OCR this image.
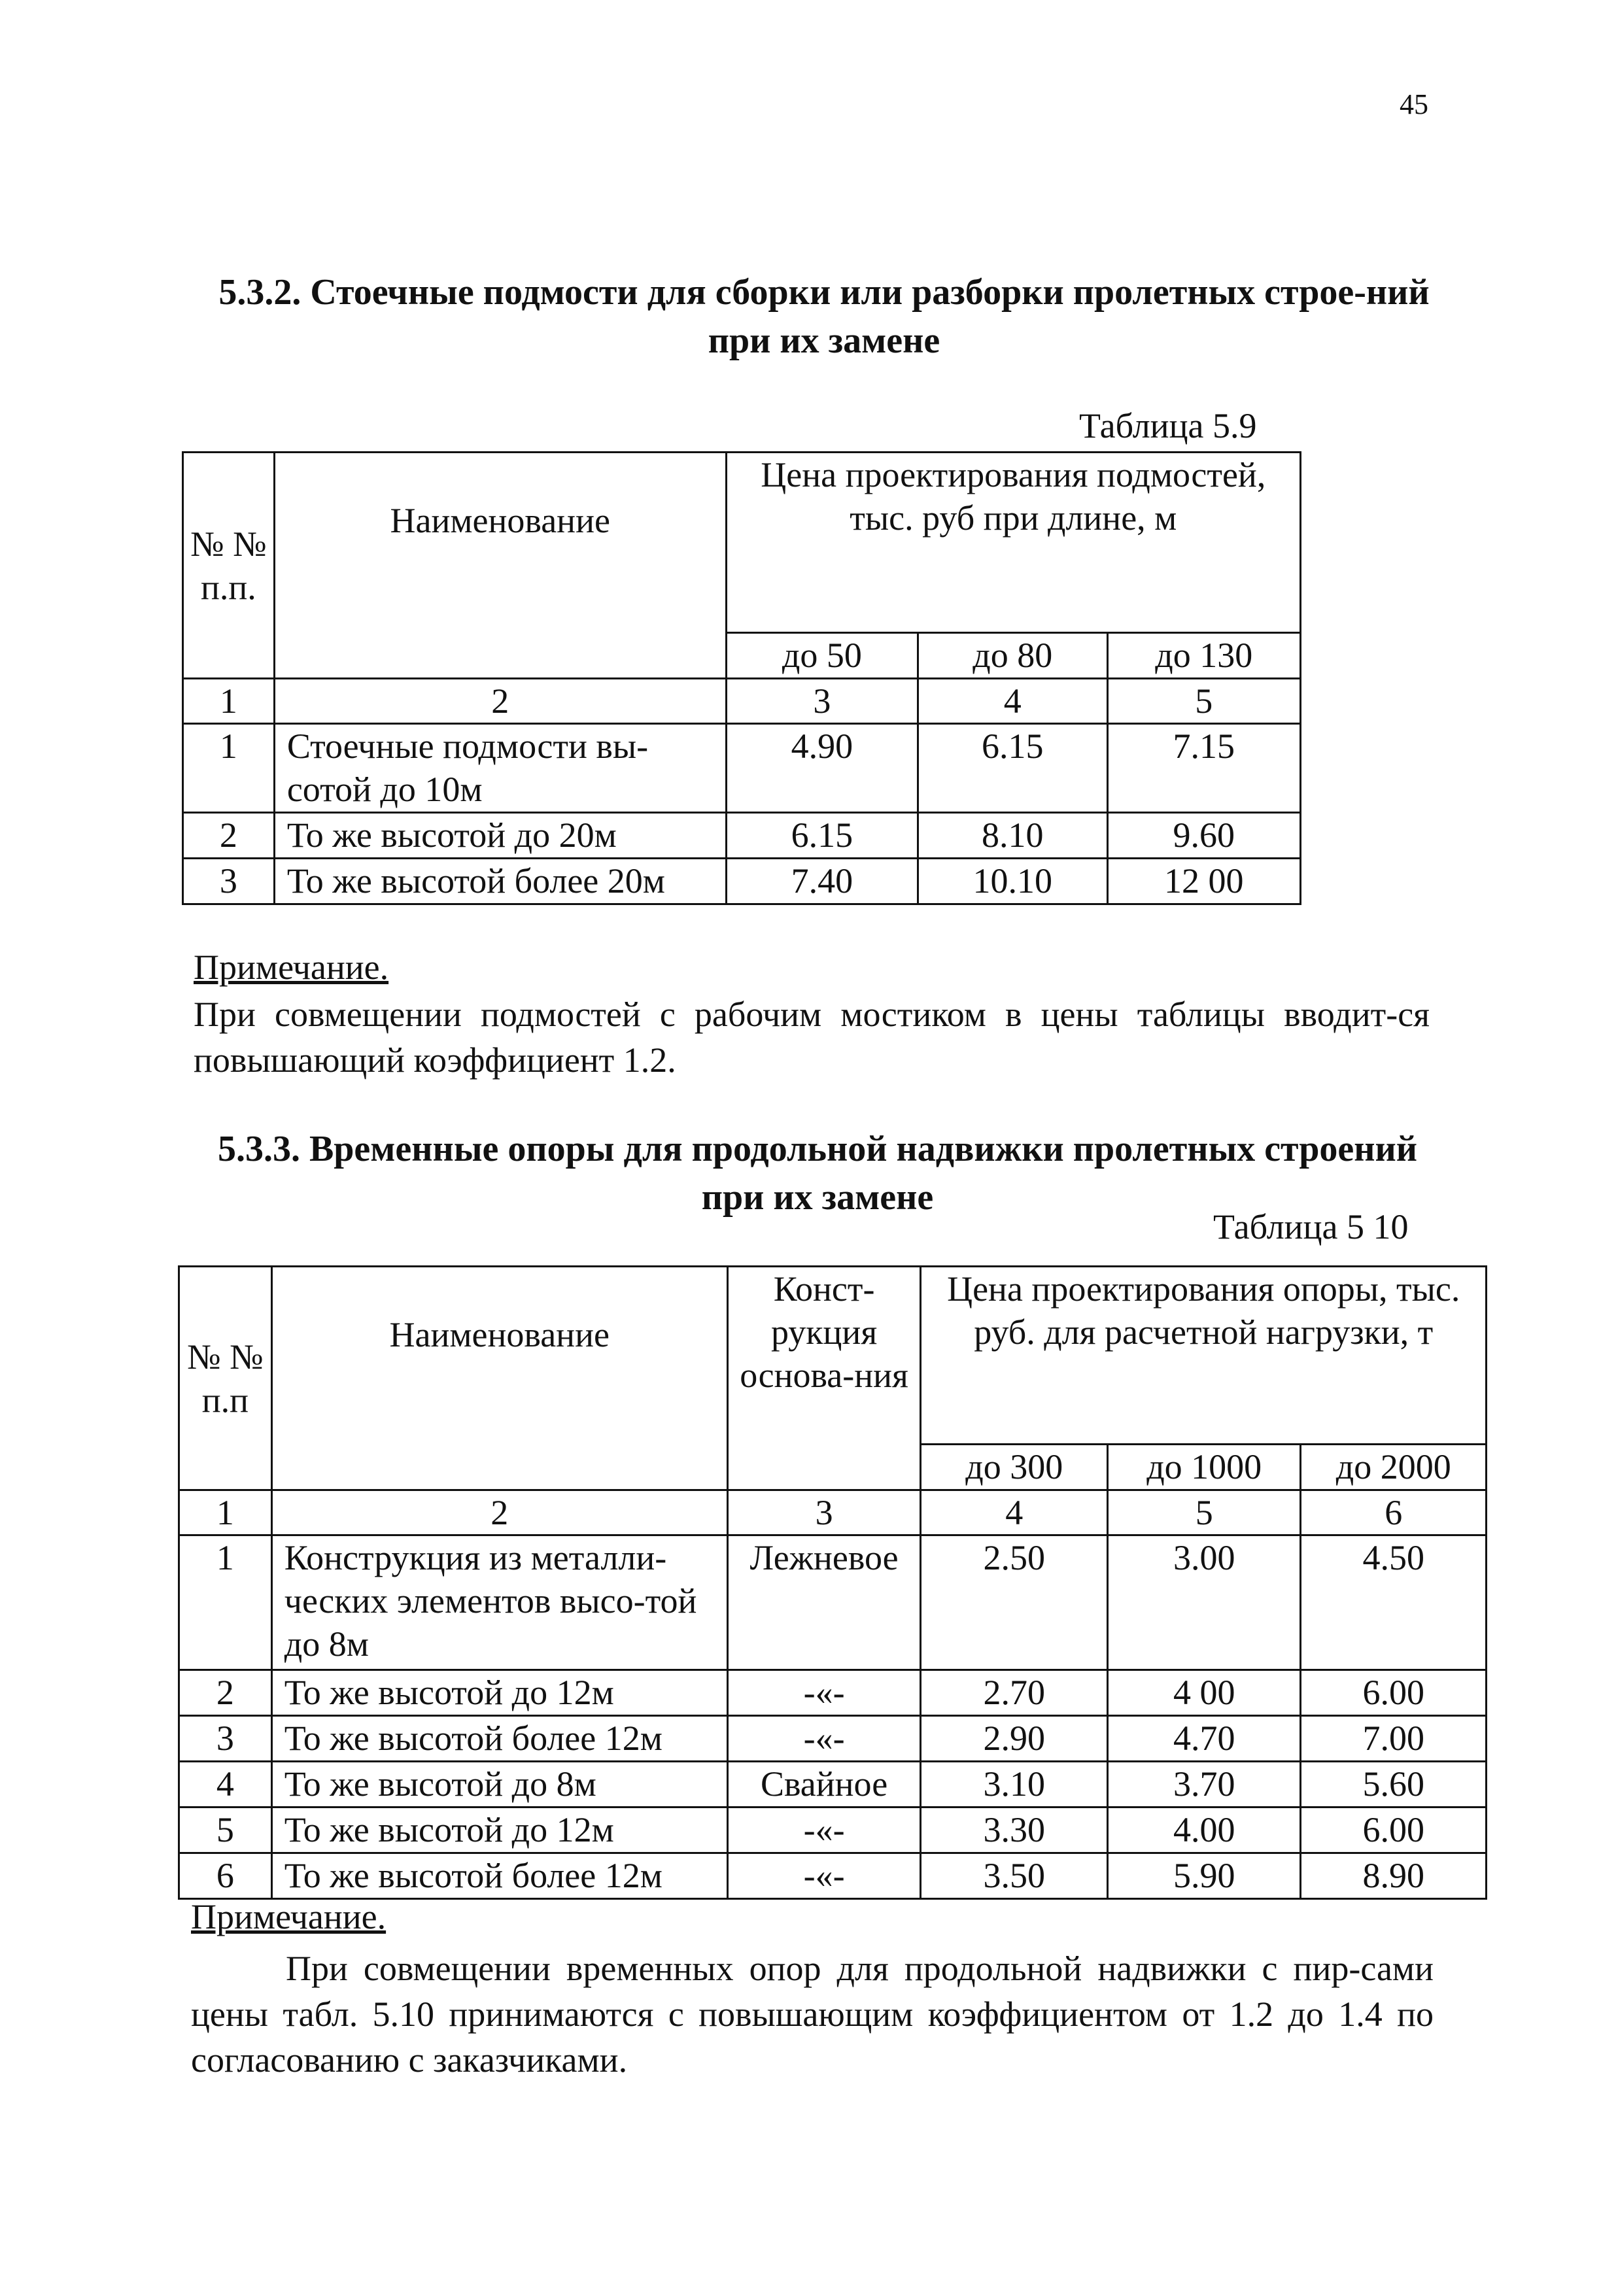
45
5.3.2. Стоечные подмости для сборки или разборки пролетных строе-ний при их замене
Таблица 5.9
№ № п.п.	Наименование	Цена проектирования подмостей, тыс. руб при длине, м		
		до 50	до 80	до 130
1	2	3	4	5
1	Стоечные подмости вы-сотой до 10м	4.90	6.15	7.15
2	То же высотой до 20м	6.15	8.10	9.60
3	То же высотой более 20м	7.40	10.10	12 00
Примечание.
При совмещении подмостей с рабочим мостиком в цены таблицы вводит-ся повышающий коэффициент 1.2.
5.3.3. Временные опоры для продольной надвижки пролетных строений при их замене
Таблица 5 10
№ № п.п	Наименование	Конст-рукция основа-ния	Цена проектирования опоры, тыс. руб. для расчетной нагрузки, т		
			до 300	до 1000	до 2000
1	2	3	4	5	6
1	Конструкция из металли-ческих элементов высо-той до 8м	Лежневое	2.50	3.00	4.50
2	То же высотой до 12м	-«-	2.70	4 00	6.00
3	То же высотой более 12м	-«-	2.90	4.70	7.00
4	То же высотой до 8м	Свайное	3.10	3.70	5.60
5	То же высотой до 12м	-«-	3.30	4.00	6.00
6	То же высотой более 12м	-«-	3.50	5.90	8.90
Примечание.
При совмещении временных опор для продольной надвижки с пир-сами цены табл. 5.10 принимаются с повышающим коэффициентом от 1.2 до 1.4 по согласованию с заказчиками.
